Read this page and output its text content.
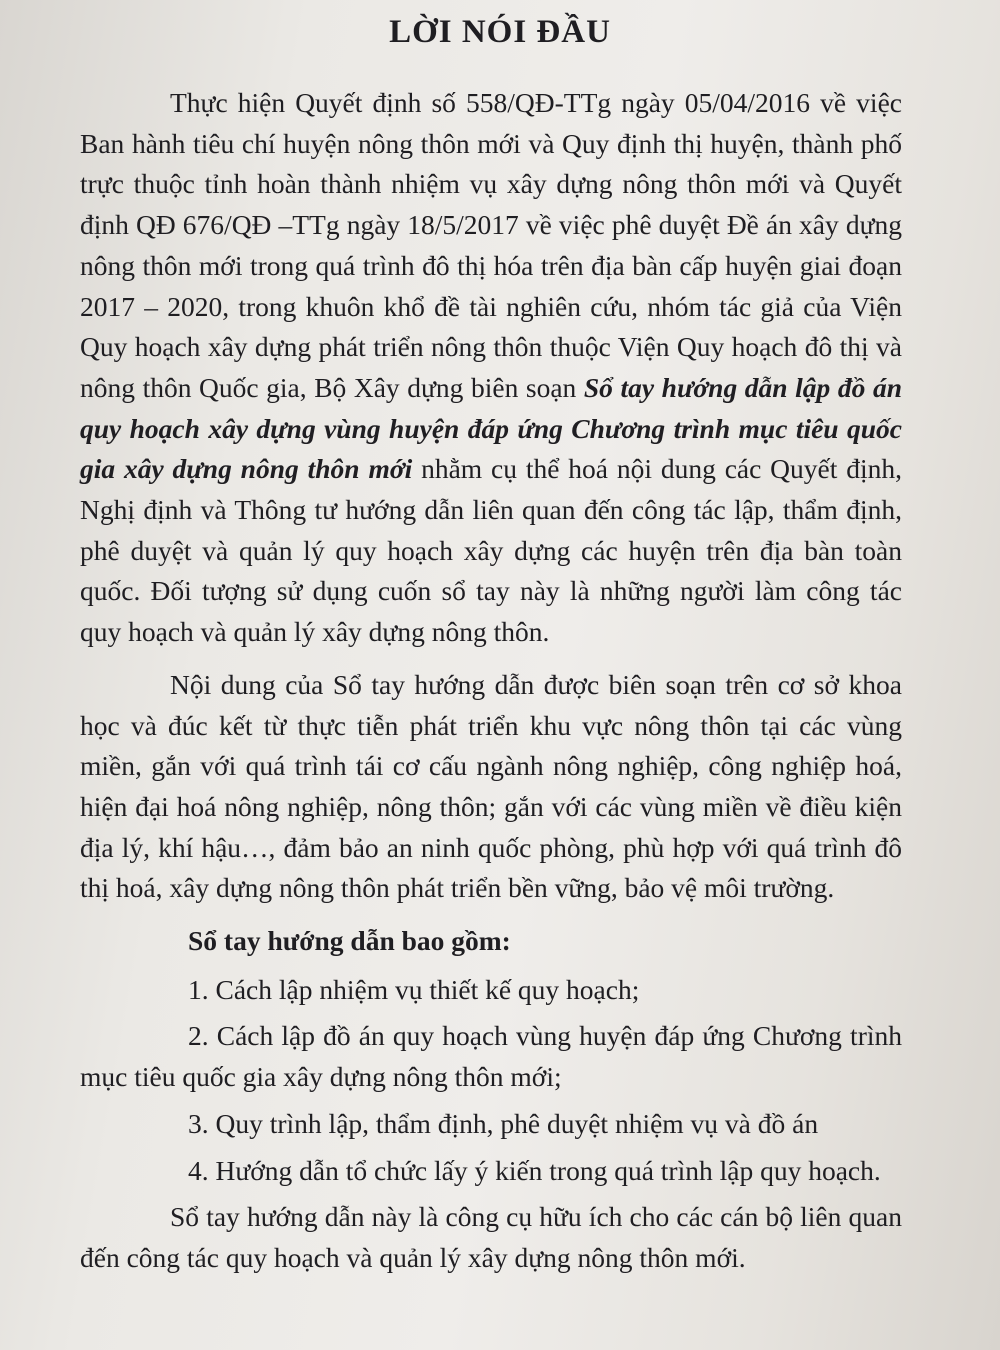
LỜI NÓI ĐẦU

Thực hiện Quyết định số 558/QĐ-TTg ngày 05/04/2016 về việc Ban hành tiêu chí huyện nông thôn mới và Quy định thị huyện, thành phố trực thuộc tỉnh hoàn thành nhiệm vụ xây dựng nông thôn mới và Quyết định QĐ 676/QĐ –TTg ngày 18/5/2017 về việc phê duyệt Đề án xây dựng nông thôn mới trong quá trình đô thị hóa trên địa bàn cấp huyện giai đoạn 2017 – 2020, trong khuôn khổ đề tài nghiên cứu, nhóm tác giả của Viện Quy hoạch xây dựng phát triển nông thôn thuộc Viện Quy hoạch đô thị và nông thôn Quốc gia, Bộ Xây dựng biên soạn Sổ tay hướng dẫn lập đồ án quy hoạch xây dựng vùng huyện đáp ứng Chương trình mục tiêu quốc gia xây dựng nông thôn mới nhằm cụ thể hoá nội dung các Quyết định, Nghị định và Thông tư hướng dẫn liên quan đến công tác lập, thẩm định, phê duyệt và quản lý quy hoạch xây dựng các huyện trên địa bàn toàn quốc. Đối tượng sử dụng cuốn sổ tay này là những người làm công tác quy hoạch và quản lý xây dựng nông thôn.

Nội dung của Sổ tay hướng dẫn được biên soạn trên cơ sở khoa học và đúc kết từ thực tiễn phát triển khu vực nông thôn tại các vùng miền, gắn với quá trình tái cơ cấu ngành nông nghiệp, công nghiệp hoá, hiện đại hoá nông nghiệp, nông thôn; gắn với các vùng miền về điều kiện địa lý, khí hậu…, đảm bảo an ninh quốc phòng, phù hợp với quá trình đô thị hoá, xây dựng nông thôn phát triển bền vững, bảo vệ môi trường.

Sổ tay hướng dẫn bao gồm:

1. Cách lập nhiệm vụ thiết kế quy hoạch;

2. Cách lập đồ án quy hoạch vùng huyện đáp ứng Chương trình mục tiêu quốc gia xây dựng nông thôn mới;

3. Quy trình lập, thẩm định, phê duyệt nhiệm vụ và đồ án

4. Hướng dẫn tổ chức lấy ý kiến trong quá trình lập quy hoạch.

Sổ tay hướng dẫn này là công cụ hữu ích cho các cán bộ liên quan đến công tác quy hoạch và quản lý xây dựng nông thôn mới.
